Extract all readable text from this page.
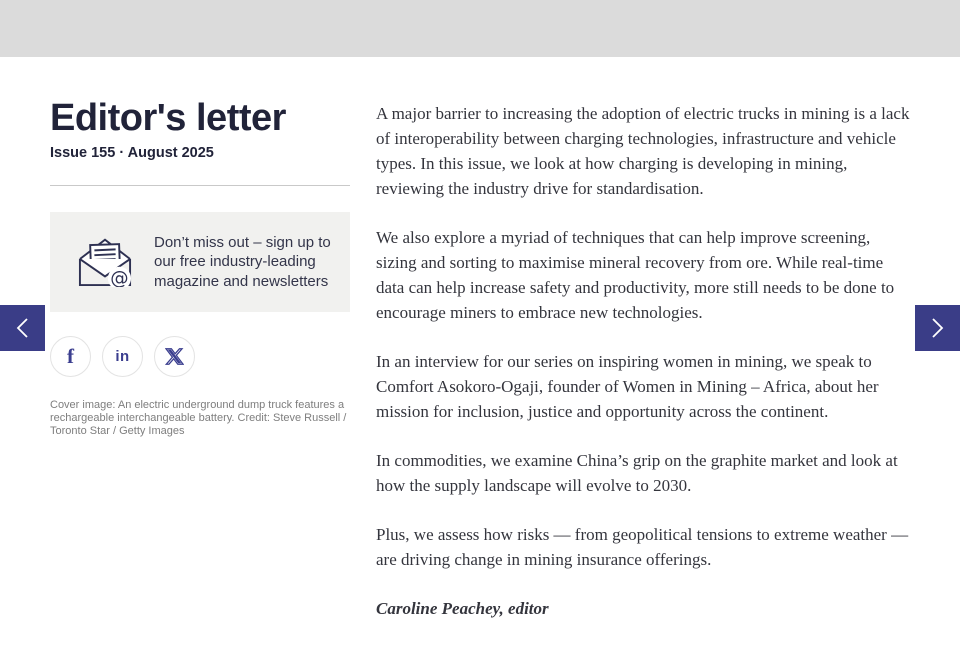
Editor's letter
Issue 155 · August 2025
@
Don’t miss out – sign up to our free industry-leading magazine and newsletters
f	in
Cover image: An electric underground dump truck features a rechargeable interchangeable battery. Credit: Steve Russell / Toronto Star / Getty Images

A major barrier to increasing the adoption of electric trucks in mining is a lack of interoperability between charging technologies, infrastructure and vehicle types. In this issue, we look at how charging is developing in mining, reviewing the industry drive for standardisation.

We also explore a myriad of techniques that can help improve screening, sizing and sorting to maximise mineral recovery from ore. While real-time data can help increase safety and productivity, more still needs to be done to encourage miners to embrace new technologies.

In an interview for our series on inspiring women in mining, we speak to Comfort Asokoro-Ogaji, founder of Women in Mining – Africa, about her mission for inclusion, justice and opportunity across the continent.

In commodities, we examine China’s grip on the graphite market and look at how the supply landscape will evolve to 2030.

Plus, we assess how risks — from geopolitical tensions to extreme weather — are driving change in mining insurance offerings.

Caroline Peachey, editor
